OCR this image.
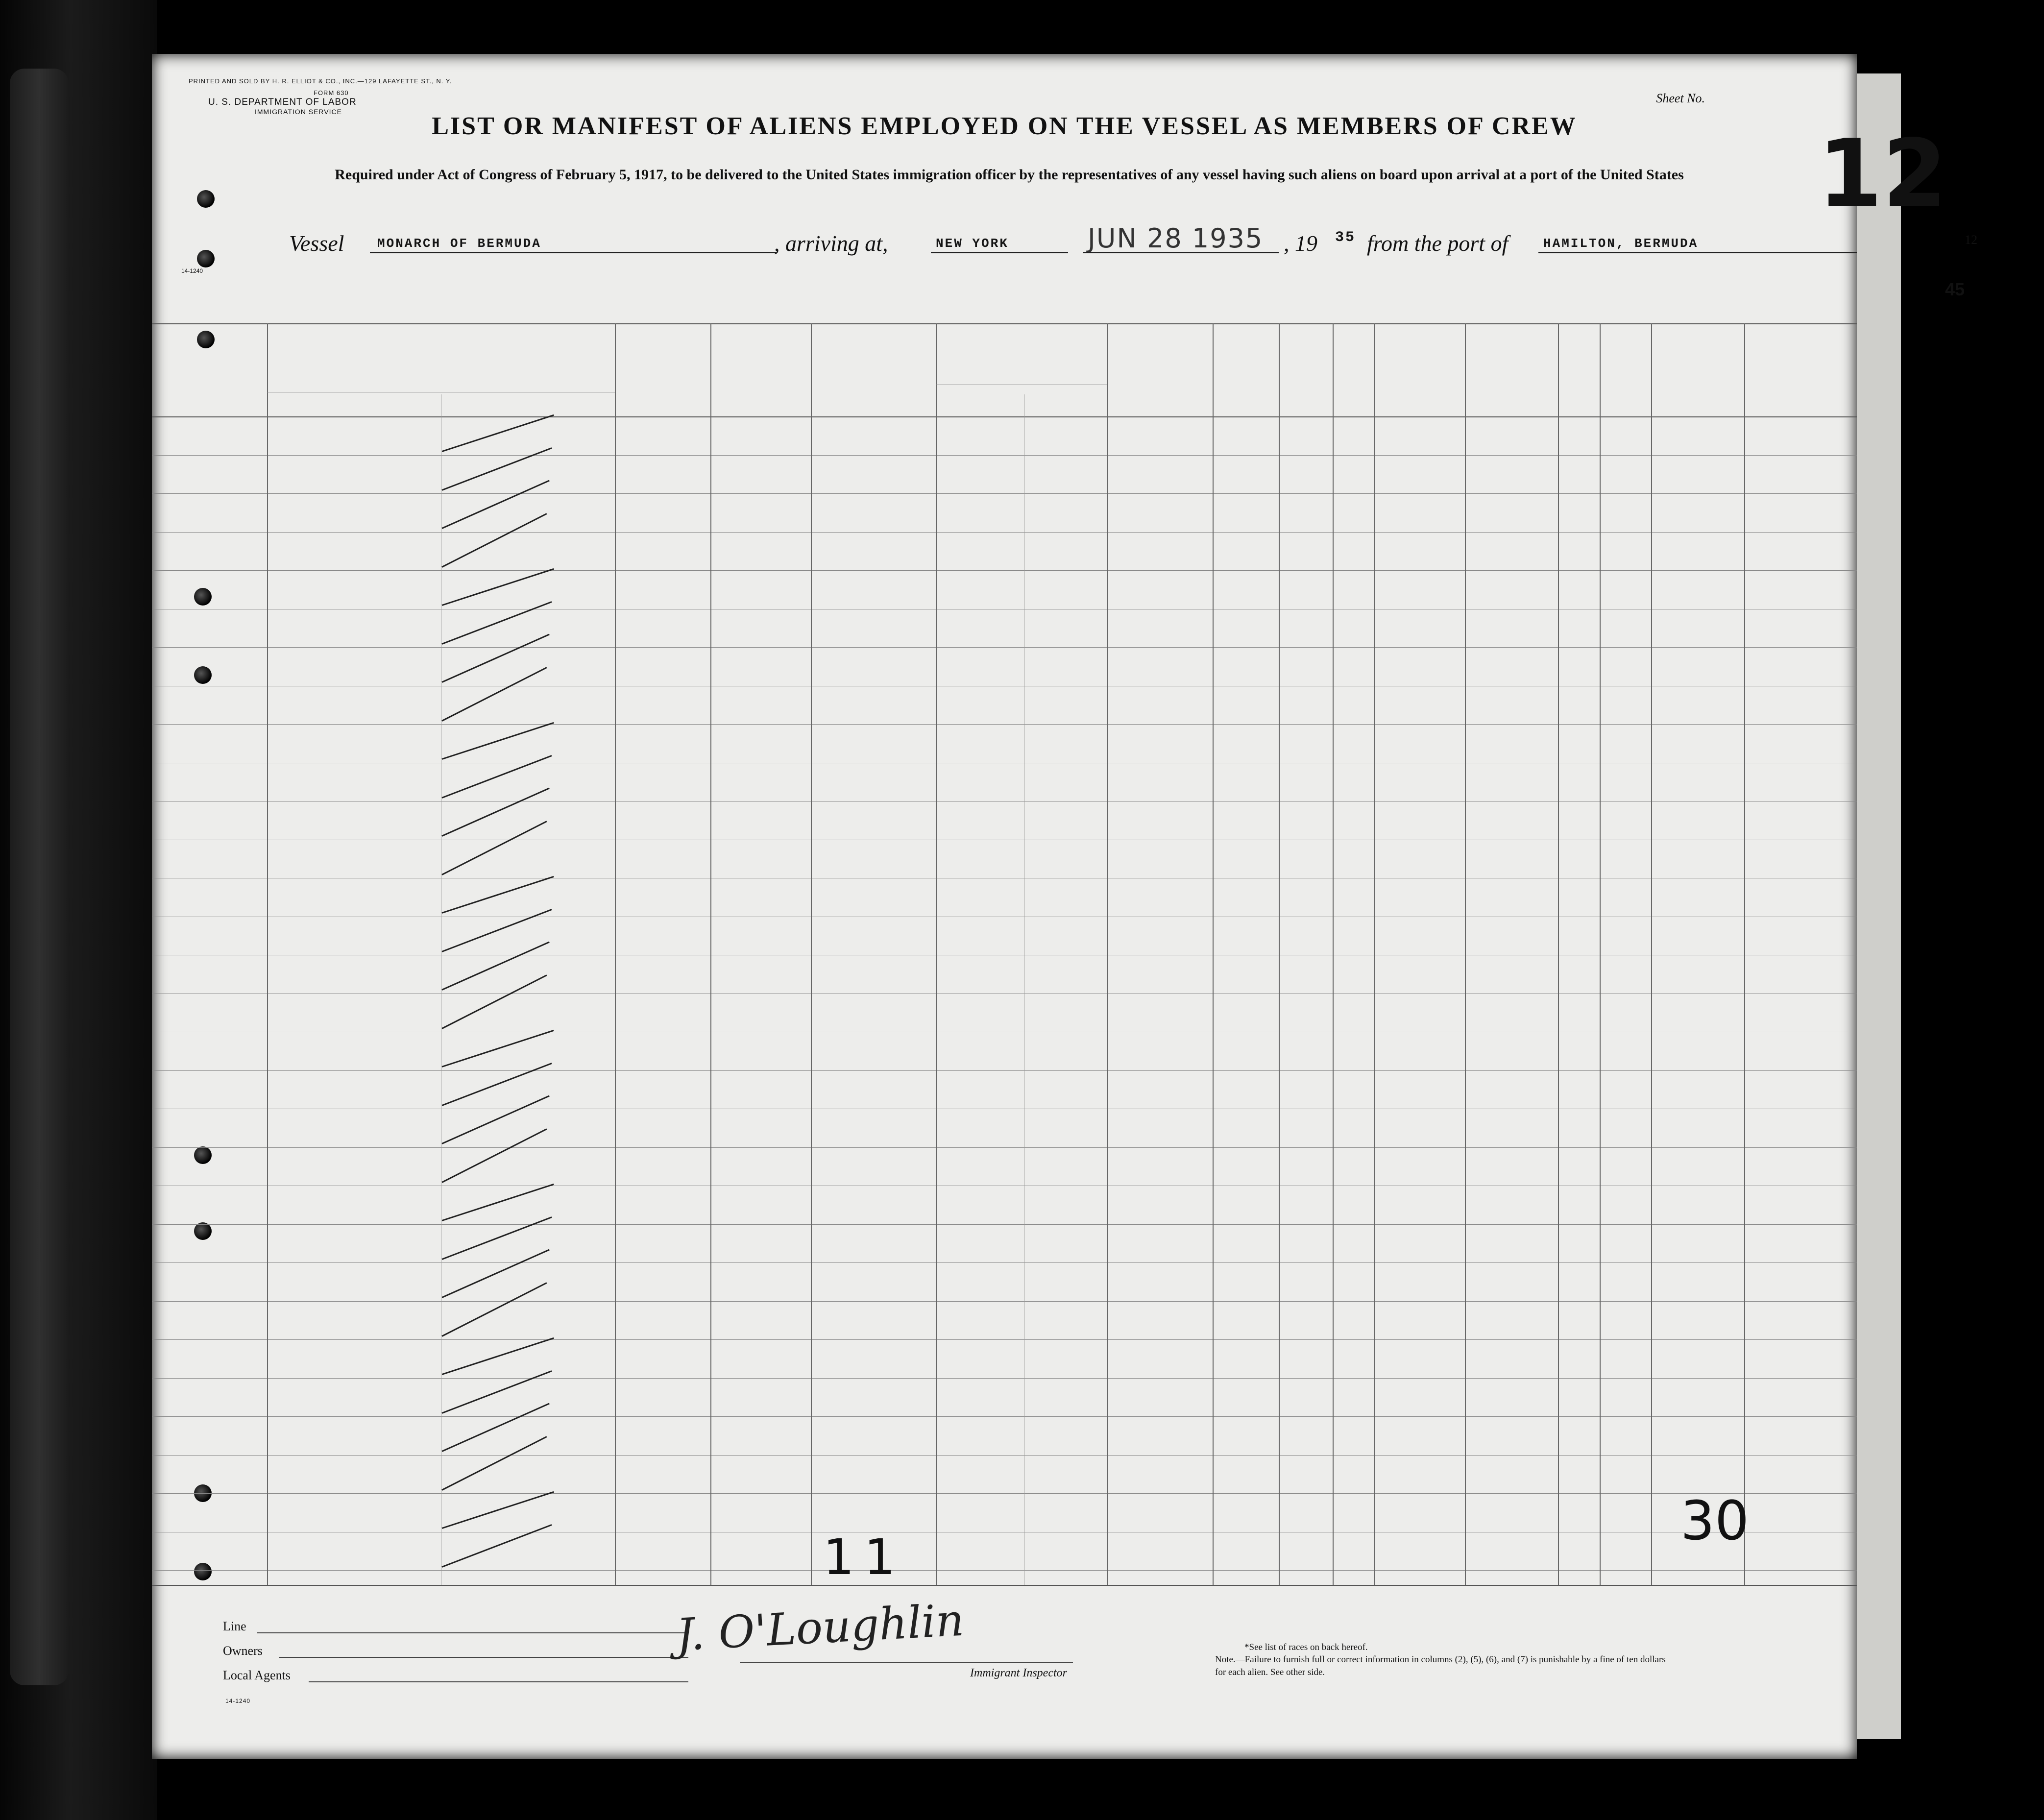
PRINTED AND SOLD BY H. R. ELLIOT & CO., INC.—129 LAFAYETTE ST., N. Y.
FORM 630
U. S. DEPARTMENT OF LABOR
IMMIGRATION SERVICE
Sheet No.
12
12
45
LIST OR MANIFEST OF ALIENS EMPLOYED ON THE VESSEL AS MEMBERS OF CREW
Required under Act of Congress of February 5, 1917, to be delivered to the United States immigration officer by the representatives of any vessel having such aliens on board upon arrival at a port of the United States
Vessel	MONARCH OF BERMUDA	, arriving at,	NEW YORK	JUN 28 1935 , 19 35 from the port of	HAMILTON, BERMUDA
14-1240
30
11
Line
Owners
Local Agents
14-1240
J. O'Loughlin
Immigrant Inspector
*See list of races on back hereof.
Note.—Failure to furnish full or correct information in columns (2), (5), (6), and (7) is punishable by a fine of ten dollars for each alien. See other side.
